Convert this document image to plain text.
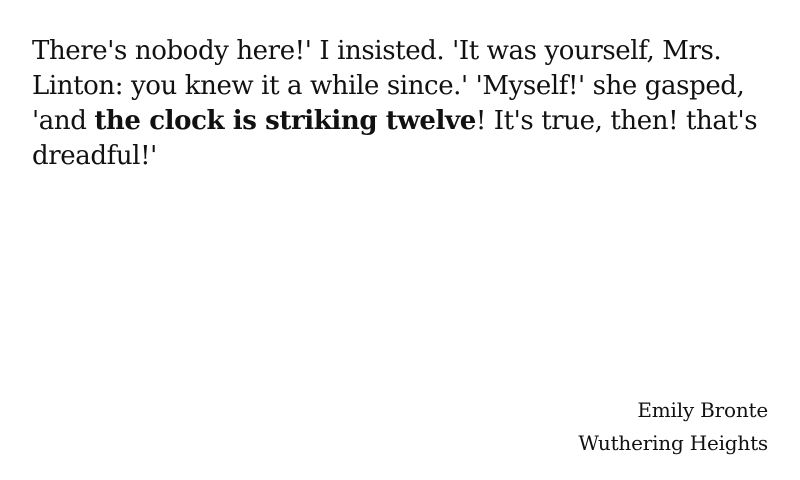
There's nobody here!' I insisted. 'It was yourself, Mrs. Linton: you knew it a while since.' 'Myself!' she gasped, 'and the clock is striking twelve! It's true, then! that's dreadful!'

Emily Bronte
Wuthering Heights
